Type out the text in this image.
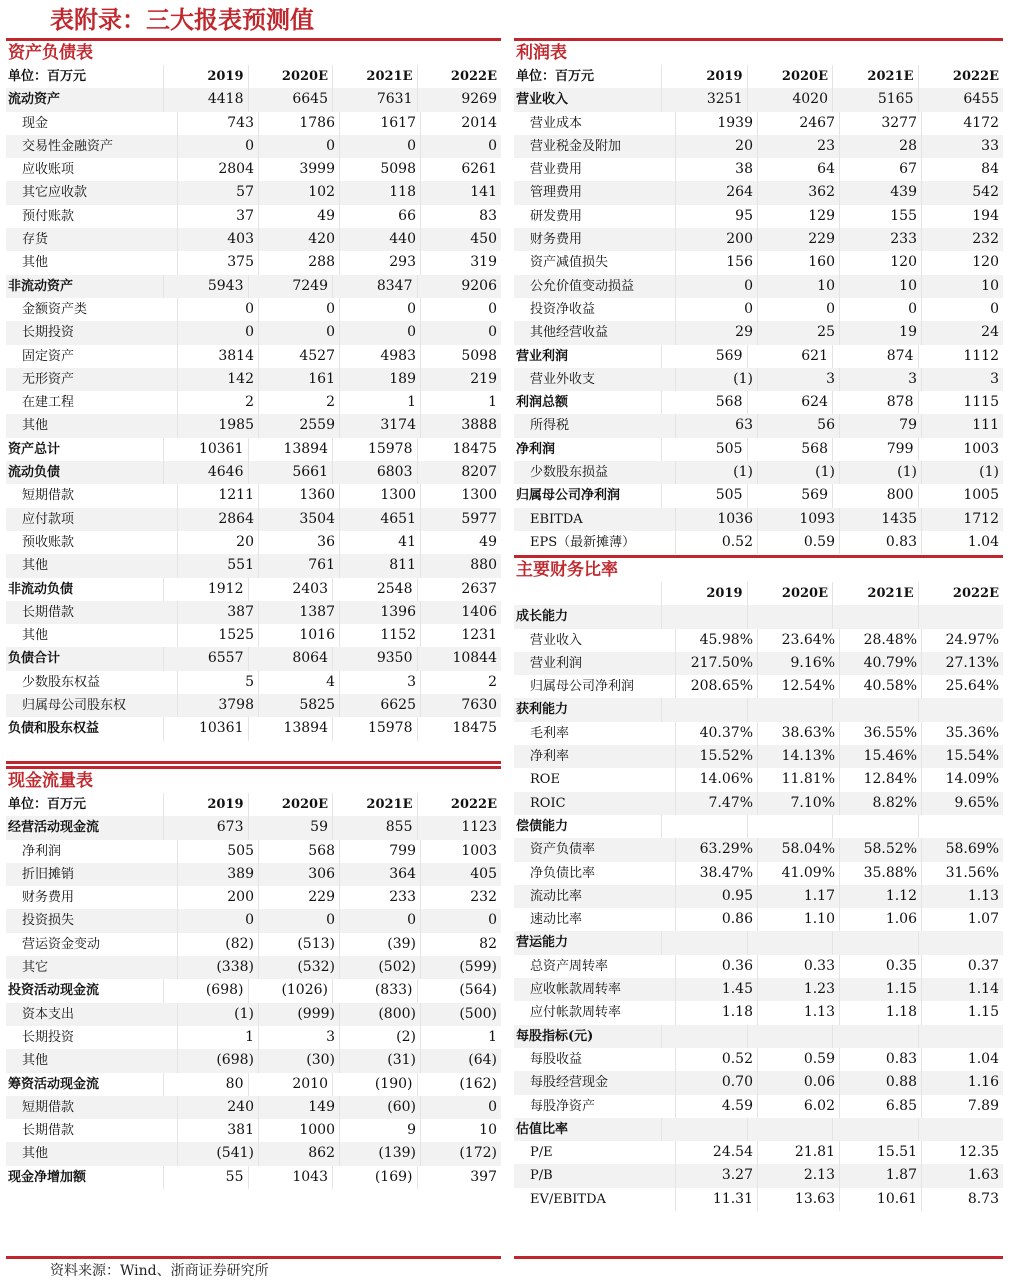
表附录：三大报表预测值
资产负债表
单位：百万元	2019	2020E	2021E	2022E
流动资产	4418	6645	7631	9269
现金	743	1786	1617	2014
交易性金融资产	0	0	0	0
应收账项	2804	3999	5098	6261
其它应收款	57	102	118	141
预付账款	37	49	66	83
存货	403	420	440	450
其他	375	288	293	319
非流动资产	5943	7249	8347	9206
金额资产类	0	0	0	0
长期投资	0	0	0	0
固定资产	3814	4527	4983	5098
无形资产	142	161	189	219
在建工程	2	2	1	1
其他	1985	2559	3174	3888
资产总计	10361	13894	15978	18475
流动负债	4646	5661	6803	8207
短期借款	1211	1360	1300	1300
应付款项	2864	3504	4651	5977
预收账款	20	36	41	49
其他	551	761	811	880
非流动负债	1912	2403	2548	2637
长期借款	387	1387	1396	1406
其他	1525	1016	1152	1231
负债合计	6557	8064	9350	10844
少数股东权益	5	4	3	2
归属母公司股东权	3798	5825	6625	7630
负债和股东权益	10361	13894	15978	18475
现金流量表
单位：百万元	2019	2020E	2021E	2022E
经营活动现金流	673	59	855	1123
净利润	505	568	799	1003
折旧摊销	389	306	364	405
财务费用	200	229	233	232
投资损失	0	0	0	0
营运资金变动	(82)	(513)	(39)	82
其它	(338)	(532)	(502)	(599)
投资活动现金流	(698)	(1026)	(833)	(564)
资本支出	(1)	(999)	(800)	(500)
长期投资	1	3	(2)	1
其他	(698)	(30)	(31)	(64)
筹资活动现金流	80	2010	(190)	(162)
短期借款	240	149	(60)	0
长期借款	381	1000	9	10
其他	(541)	862	(139)	(172)
现金净增加额	55	1043	(169)	397
利润表
单位：百万元	2019	2020E	2021E	2022E
营业收入	3251	4020	5165	6455
营业成本	1939	2467	3277	4172
营业税金及附加	20	23	28	33
营业费用	38	64	67	84
管理费用	264	362	439	542
研发费用	95	129	155	194
财务费用	200	229	233	232
资产减值损失	156	160	120	120
公允价值变动损益	0	10	10	10
投资净收益	0	0	0	0
其他经营收益	29	25	19	24
营业利润	569	621	874	1112
营业外收支	(1)	3	3	3
利润总额	568	624	878	1115
所得税	63	56	79	111
净利润	505	568	799	1003
少数股东损益	(1)	(1)	(1)	(1)
归属母公司净利润	505	569	800	1005
EBITDA	1036	1093	1435	1712
EPS（最新摊薄）	0.52	0.59	0.83	1.04
主要财务比率
2019	2020E	2021E	2022E
成长能力
营业收入	45.98%	23.64%	28.48%	24.97%
营业利润	217.50%	9.16%	40.79%	27.13%
归属母公司净利润	208.65%	12.54%	40.58%	25.64%
获利能力
毛利率	40.37%	38.63%	36.55%	35.36%
净利率	15.52%	14.13%	15.46%	15.54%
ROE	14.06%	11.81%	12.84%	14.09%
ROIC	7.47%	7.10%	8.82%	9.65%
偿债能力
资产负债率	63.29%	58.04%	58.52%	58.69%
净负债比率	38.47%	41.09%	35.88%	31.56%
流动比率	0.95	1.17	1.12	1.13
速动比率	0.86	1.10	1.06	1.07
营运能力
总资产周转率	0.36	0.33	0.35	0.37
应收帐款周转率	1.45	1.23	1.15	1.14
应付帐款周转率	1.18	1.13	1.18	1.15
每股指标(元)
每股收益	0.52	0.59	0.83	1.04
每股经营现金	0.70	0.06	0.88	1.16
每股净资产	4.59	6.02	6.85	7.89
估值比率
P/E	24.54	21.81	15.51	12.35
P/B	3.27	2.13	1.87	1.63
EV/EBITDA	11.31	13.63	10.61	8.73
资料来源：Wind、浙商证券研究所
